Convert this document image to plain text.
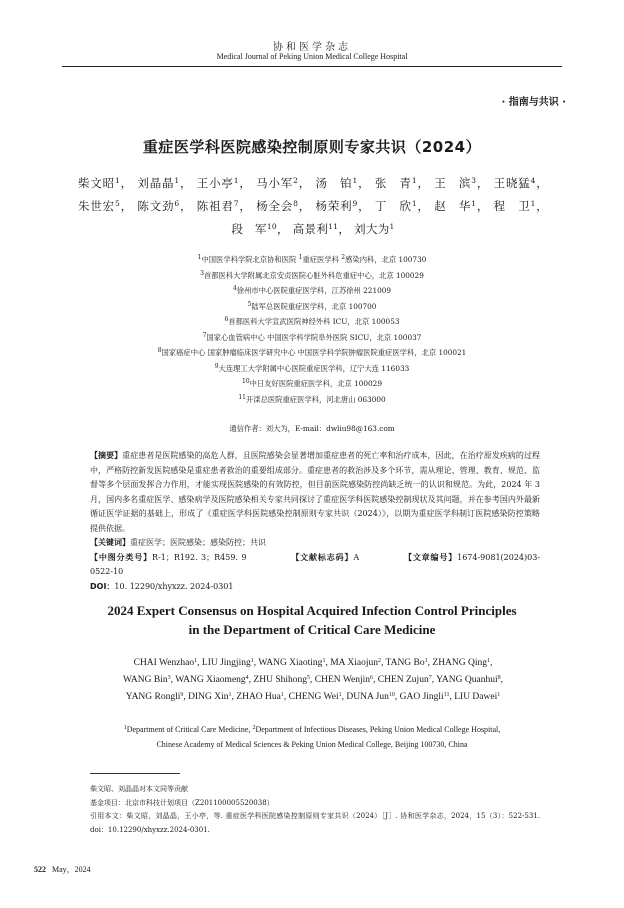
协和医学杂志
Medical Journal of Peking Union Medical College Hospital
· 指南与共识 ·
重症医学科医院感染控制原则专家共识（2024）
柴文昭$^1$， 刘晶晶$^1$， 王小亭$^1$， 马小军$^2$， 汤　铂$^1$， 张　青$^1$， 王　滨$^3$， 王晓猛$^4$，
朱世宏$^5$， 陈文劲$^6$， 陈祖君$^7$， 杨全会$^8$， 杨荣利$^9$， 丁　欣$^1$， 赵　华$^1$， 程　卫$^1$，
段　军$^{10}$， 高景利$^{11}$， 刘大为$^1$
$^1$中国医学科学院北京协和医院 $^1$重症医学科 $^2$感染内科，北京 100730
$^3$首都医科大学附属北京安贞医院心脏外科危重症中心，北京 100029
$^4$徐州市中心医院重症医学科，江苏徐州 221009
$^5$陆军总医院重症医学科，北京 100700
$^6$首都医科大学宣武医院神经外科 ICU，北京 100053
$^7$国家心血管病中心 中国医学科学院阜外医院 SICU，北京 100037
$^8$国家癌症中心 国家肿瘤临床医学研究中心 中国医学科学院肿瘤医院重症医学科，北京 100021
$^9$大连理工大学附属中心医院重症医学科，辽宁大连 116033
$^{10}$中日友好医院重症医学科，北京 100029
$^{11}$开滦总医院重症医学科，河北唐山 063000
通信作者：刘大为，E-mail：dwliu98@163.com
【摘要】重症患者是医院感染的高危人群，且医院感染会显著增加重症患者的死亡率和治疗成本，因此，在治疗原发疾病的过程中，严格防控新发医院感染是重症患者救治的重要组成部分。重症患者的救治涉及多个环节，需从理论、管理、教育、规范、监督等多个层面发挥合力作用，才能实现医院感染的有效防控，但目前医院感染防控尚缺乏统一的认识和规范。为此，2024 年 3 月，国内多名重症医学、感染病学及医院感染相关专家共同探讨了重症医学科医院感染控制现状及其问题，并在参考国内外最新循证医学证据的基础上，形成了《重症医学科医院感染控制原则专家共识（2024）》，以期为重症医学科制订医院感染防控策略提供依据。
【关键词】重症医学；医院感染；感染防控；共识
【中图分类号】R-1；R192. 3；R459. 9	【文献标志码】A	【文章编号】1674-9081(2024)03-0522-10
DOI：10. 12290/xhyxzz. 2024-0301
2024 Expert Consensus on Hospital Acquired Infection Control Principles
in the Department of Critical Care Medicine
CHAI Wenzhao$^1$, LIU Jingjing$^1$, WANG Xiaoting$^1$, MA Xiaojun$^2$, TANG Bo$^1$, ZHANG Qing$^1$,
WANG Bin$^3$, WANG Xiaomeng$^4$, ZHU Shihong$^5$, CHEN Wenjin$^6$, CHEN Zujun$^7$, YANG Quanhui$^8$,
YANG Rongli$^9$, DING Xin$^1$, ZHAO Hua$^1$, CHENG Wei$^1$, DUNA Jun$^{10}$, GAO Jingli$^{11}$, LIU Dawei$^1$
$^1$Department of Critical Care Medicine, $^2$Department of Infectious Diseases, Peking Union Medical College Hospital,
Chinese Academy of Medical Sciences & Peking Union Medical College, Beijing 100730, China
柴文昭、刘晶晶对本文同等贡献
基金项目：北京市科技计划项目（Z201100005520038）
引用本文：柴文昭，刘晶晶，王小亭，等. 重症医学科医院感染控制原则专家共识（2024）［J］. 协和医学杂志，2024，15（3）：522-531. doi：10.12290/xhyxzz.2024-0301.
522 May，2024
